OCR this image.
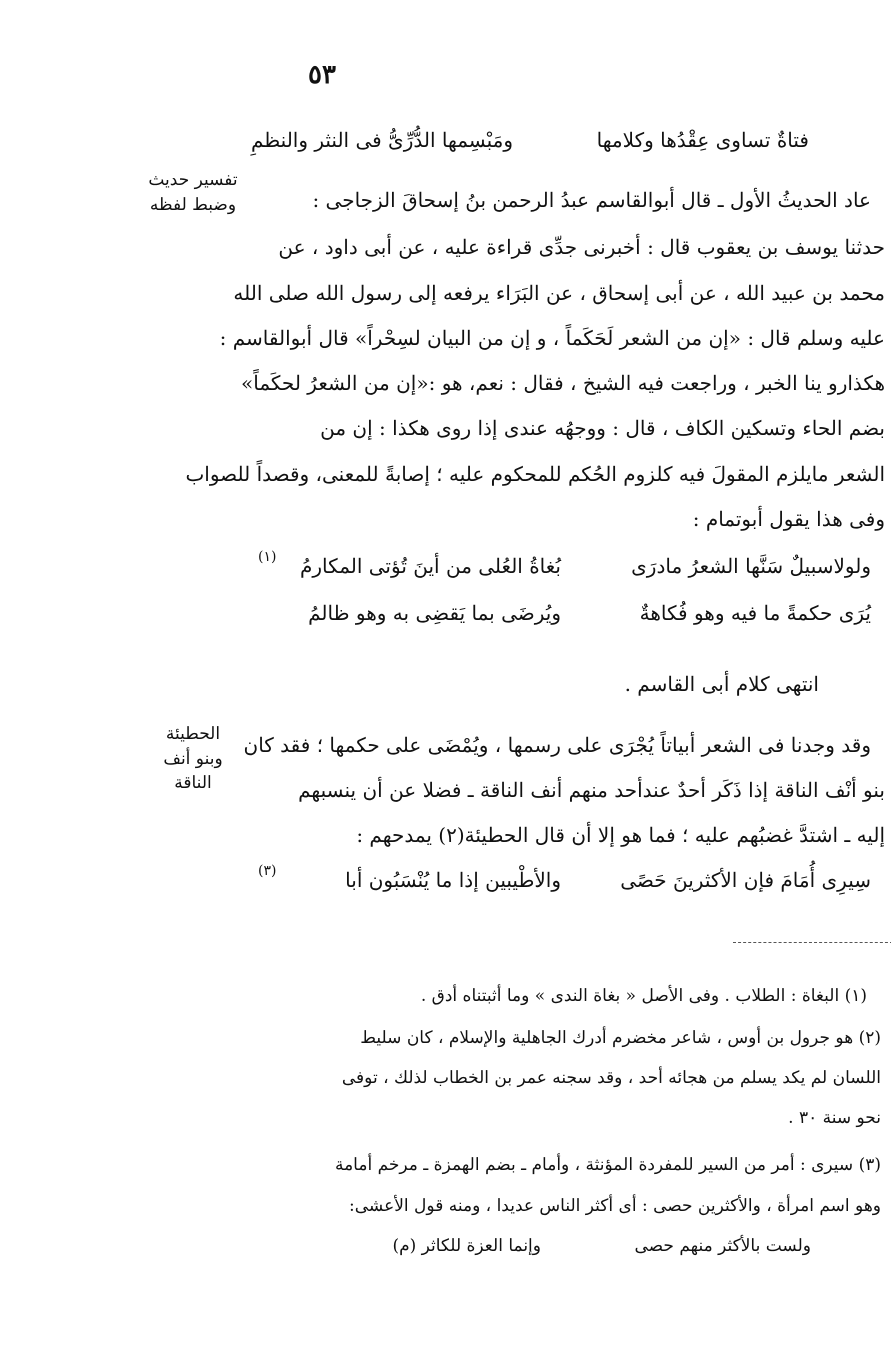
٥٣
فتاةٌ تساوى عِقْدُها وكلامها
ومَبْسِمها الدُّرِّىُّ فى النثر والنظمِ
تفسير حديث وضبط لفظه
الحطيئة وبنو أنف الناقة
عاد الحديثُ الأول ـ قال أبوالقاسم عبدُ الرحمن بنُ إسحاقَ الزجاجى :
حدثنا يوسف بن يعقوب قال : أخبرنى جدِّى قراءة عليه ، عن أبى داود ، عن
محمد بن عبيد الله ، عن أبى إسحاق ، عن البَرَاء يرفعه إلى رسول الله صلى الله
عليه وسلم قال : «إن من الشعر لَحَكَماً ، و إن من البيان لسِحْراً» قال أبوالقاسم :
هكذارو ينا الخبر ، وراجعت فيه الشيخ ، فقال : نعم، هو :«إن من الشعرُ لحكَماً»
بضم الحاء وتسكين الكاف ، قال : ووجهُه عندى إذا روى هكذا : إن من
الشعر مايلزم المقولَ فيه كلزوم الحُكم للمحكوم عليه ؛ إصابةً للمعنى، وقصداً للصواب
وفى هذا يقول أبوتمام :
ولولاسبيلٌ سَنَّها الشعرُ مادرَى
بُغاةُ العُلى من أينَ تُؤتى المكارمُ
(١)
يُرَى حكمةً ما فيه وهو فُكاهةٌ
ويُرضَى بما يَقضِى به وهو ظالمُ
انتهى كلام أبى القاسم .
وقد وجدنا فى الشعر أبياتاً يُجْرَى على رسمها ، ويُمْضَى على حكمها ؛ فقد كان
بنو أنْف الناقة إذا ذَكَر أحدٌ عندأحد منهم أنف الناقة ـ فضلا عن أن ينسبهم
إليه ـ اشتدَّ غضبُهم عليه ؛ فما هو إلا أن قال الحطيئة(٢) يمدحهم :
سِيرِى أُمَامَ فإن الأكثرينَ حَصًى
والأطْيبين إذا ما يُنْسَبُون أبا
(٣)
(١) البغاة : الطلاب . وفى الأصل « بغاة الندى » وما أثبتناه أدق .
(٢) هو جرول بن أوس ، شاعر مخضرم أدرك الجاهلية والإسلام ، كان سليط
اللسان لم يكد يسلم من هجائه أحد ، وقد سجنه عمر بن الخطاب لذلك ، توفى
نحو سنة ٣٠ .
(٣) سيرى : أمر من السير للمفردة المؤنثة ، وأمام ـ بضم الهمزة ـ مرخم أمامة
وهو اسم امرأة ، والأكثرين حصى : أى أكثر الناس عديدا ، ومنه قول الأعشى:
ولست بالأكثر منهم حصى
وإنما العزة للكاثر (م)
